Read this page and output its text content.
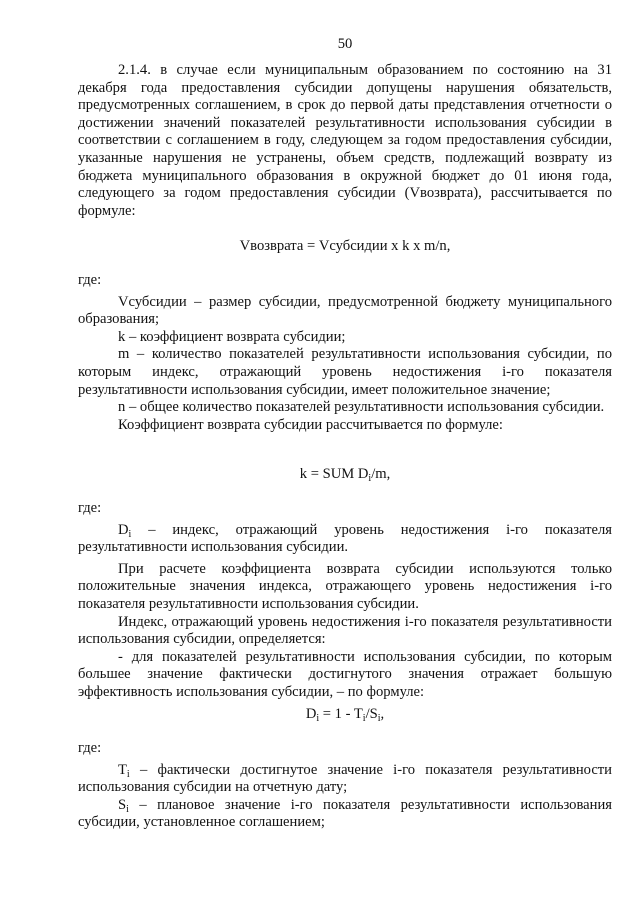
50

2.1.4. в случае если муниципальным образованием по состоянию на 31 декабря года предоставления субсидии допущены нарушения обязательств, предусмотренных соглашением, в срок до первой даты представления отчетности о достижении значений показателей результативности использования субсидии в соответствии с соглашением в году, следующем за годом предоставления субсидии, указанные нарушения не устранены, объем средств, подлежащий возврату из бюджета муниципального образования в окружной бюджет до 01 июня года, следующего за годом предоставления субсидии (Vвозврата), рассчитывается по формуле:

Vвозврата = Vсубсидии x k x m/n,

где:

Vсубсидии – размер субсидии, предусмотренной бюджету муниципального образования;

k – коэффициент возврата субсидии;

m – количество показателей результативности использования субсидии, по которым индекс, отражающий уровень недостижения i-го показателя результативности использования субсидии, имеет положительное значение;

n – общее количество показателей результативности использования субсидии.

Коэффициент возврата субсидии рассчитывается по формуле:

k = SUM $D_i/m$,

где:

$D_i$ – индекс, отражающий уровень недостижения i-го показателя результативности использования субсидии.

При расчете коэффициента возврата субсидии используются только положительные значения индекса, отражающего уровень недостижения i-го показателя результативности использования субсидии.

Индекс, отражающий уровень недостижения i-го показателя результативности использования субсидии, определяется:

- для показателей результативности использования субсидии, по которым большее значение фактически достигнутого значения отражает большую эффективность использования субсидии, – по формуле:

$D_i = 1 - T_i/S_i$,

где:

$T_i$ – фактически достигнутое значение i-го показателя результативности использования субсидии на отчетную дату;

$S_i$ – плановое значение i-го показателя результативности использования субсидии, установленное соглашением;
